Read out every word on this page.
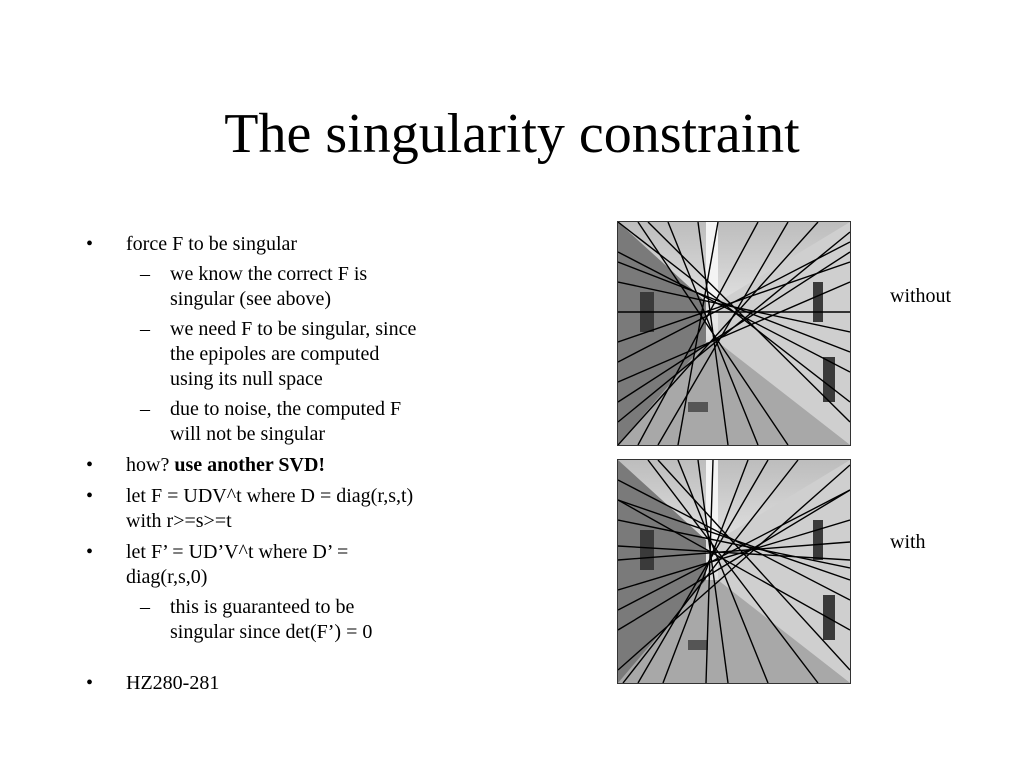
The singularity constraint
• force F to be singular
– we know the correct F is
singular (see above)
– we need F to be singular, since
the epipoles are computed
using its null space
– due to noise, the computed F
will not be singular
• how? use another SVD!
• let F = UDV^t where D = diag(r,s,t)
with r>=s>=t
• let F’ = UD’V^t where D’ =
diag(r,s,0)
– this is guaranteed to be
singular since det(F’) = 0
• HZ280-281
without
with
